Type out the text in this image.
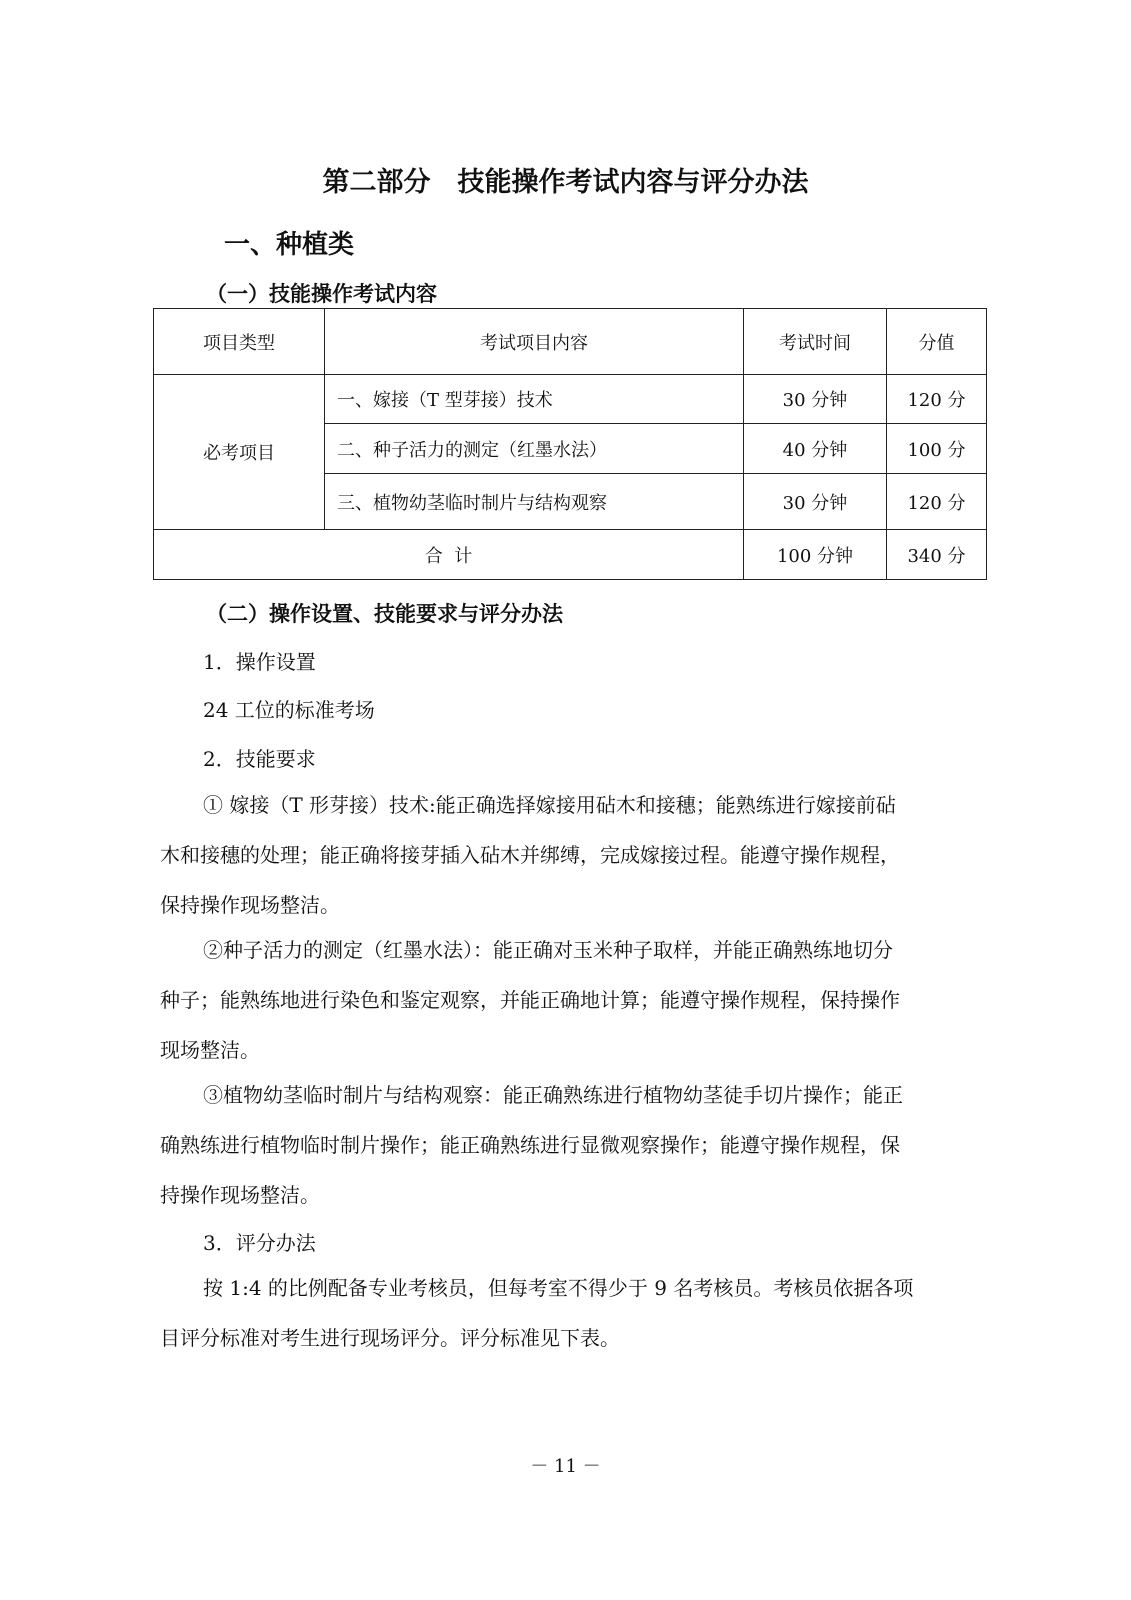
第二部分　技能操作考试内容与评分办法
一、种植类
（一）技能操作考试内容
项目类型	考试项目内容	考试时间	分值
必考项目	一、嫁接（T 型芽接）技术	30 分钟	120 分
	二、种子活力的测定（红墨水法）	40 分钟	100 分
	三、植物幼茎临时制片与结构观察	30 分钟	120 分
合  计		100 分钟	340 分
（二）操作设置、技能要求与评分办法
1．操作设置
24 工位的标准考场
2．技能要求
① 嫁接（T 形芽接）技术:能正确选择嫁接用砧木和接穗；能熟练进行嫁接前砧
木和接穗的处理；能正确将接芽插入砧木并绑缚，完成嫁接过程。能遵守操作规程，
保持操作现场整洁。
②种子活力的测定（红墨水法）：能正确对玉米种子取样，并能正确熟练地切分
种子；能熟练地进行染色和鉴定观察，并能正确地计算；能遵守操作规程，保持操作
现场整洁。
③植物幼茎临时制片与结构观察：能正确熟练进行植物幼茎徒手切片操作；能正
确熟练进行植物临时制片操作；能正确熟练进行显微观察操作；能遵守操作规程，保
持操作现场整洁。
3．评分办法
按 1:4 的比例配备专业考核员，但每考室不得少于 9 名考核员。考核员依据各项
目评分标准对考生进行现场评分。评分标准见下表。
－ 11 －
